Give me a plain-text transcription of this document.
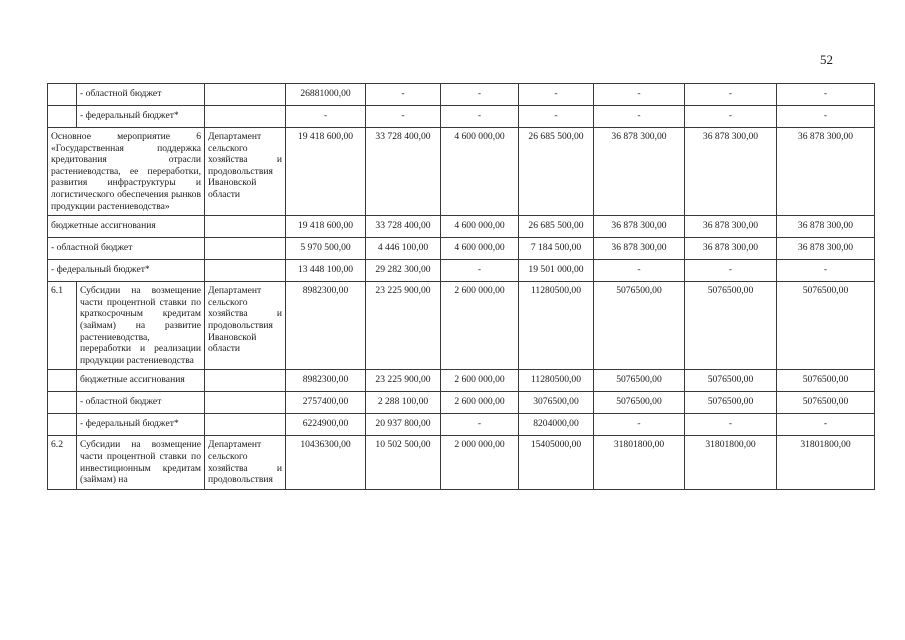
52
	- областной бюджет		26881000,00	-	-	-	-	-	-
	- федеральный бюджет*		-	-	-	-	-	-	-
Основное мероприятие 6 «Государственная поддержка кредитования отрасли растениеводства, ее переработки, развития инфраструктуры и логистического обеспечения рынков продукции растениеводства»		Департамент сельского хозяйства и продовольствия Ивановской области	19 418 600,00	33 728 400,00	4 600 000,00	26 685 500,00	36 878 300,00	36 878 300,00	36 878 300,00
бюджетные ассигнования			19 418 600,00	33 728 400,00	4 600 000,00	26 685 500,00	36 878 300,00	36 878 300,00	36 878 300,00
- областной бюджет			5 970 500,00	4 446 100,00	4 600 000,00	7 184 500,00	36 878 300,00	36 878 300,00	36 878 300,00
- федеральный бюджет*			13 448 100,00	29 282 300,00	-	19 501 000,00	-	-	-
6.1	Субсидии на возмещение части процентной ставки по краткосрочным кредитам (займам) на развитие растениеводства, переработки и реализации продукции растениеводства	Департамент сельского хозяйства и продовольствия Ивановской области	8982300,00	23 225 900,00	2 600 000,00	11280500,00	5076500,00	5076500,00	5076500,00
	бюджетные ассигнования		8982300,00	23 225 900,00	2 600 000,00	11280500,00	5076500,00	5076500,00	5076500,00
	- областной бюджет		2757400,00	2 288 100,00	2 600 000,00	3076500,00	5076500,00	5076500,00	5076500,00
	- федеральный бюджет*		6224900,00	20 937 800,00	-	8204000,00	-	-	-
6.2	Субсидии на возмещение части процентной ставки по инвестиционным кредитам (займам) на	Департамент сельского хозяйства и продовольствия	10436300,00	10 502 500,00	2 000 000,00	15405000,00	31801800,00	31801800,00	31801800,00
